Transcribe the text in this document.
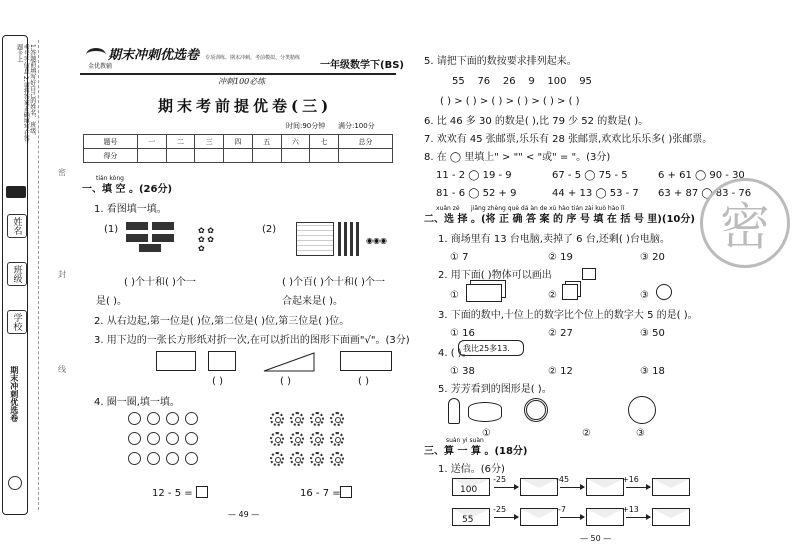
1.答题前填写好自己的姓名、班级、考号等信息 2.请将答案正确填写在答题卡上
姓名
班级
学校
期末冲刺优选卷
密
封
线
期末冲刺优选卷
金优教辅
专项训练、期末冲刺、考前模拟、分类精练
一年级数学下(BS)
冲刺100必练
期末考前提优卷(三)
时间:90分钟 满分:100分
题号	一	二	三	四	五	六	七	总分
得分								
tián kòng
一、填 空 。(26分)
1. 看图填一填。
(1)	✿ ✿
✿ ✿
✿
(2)
◉◉◉
( )个十和( )个一
是( )。
( )个百( )个十和( )个一
合起来是( )。
2. 从右边起,第一位是( )位,第二位是( )位,第三位是( )位。
3. 用下边的一张长方形纸对折一次,在可以折出的图形下面画"√"。(3分)
( )	( )	( )
4. 圈一圈,填一填。
12 - 5 =	16 - 7 =
— 49 —
5. 请把下面的数按要求排列起来。
55    76    26    9    100    95
( ) > ( ) > ( ) > ( ) > ( ) > ( )
6. 比 46 多 30 的数是( ),比 79 少 52 的数是( )。
7. 欢欢有 45 张邮票,乐乐有 28 张邮票,欢欢比乐乐多( )张邮票。
8. 在 ◯ 里填上" > "" < "或" = "。(3分)
11 - 2 ◯ 19 - 9	67 - 5 ◯ 75 - 5	6 + 61 ◯ 90 - 30
81 - 6 ◯ 52 + 9	44 + 13 ◯ 53 - 7 63 + 87 ◯ 83 - 76
xuǎn zé      jiāng zhèng què dá àn de xù hào tián zài kuò hào lǐ
二、选 择 。(将 正 确 答 案 的 序 号 填 在 括 号 里)(10分)
1. 商场里有 13 台电脑,卖掉了 6 台,还剩( )台电脑。
① 7	② 19	③ 20
2. 用下面( )物体可以画出
①	②	③
3. 下面的数中,十位上的数字比个位上的数字大 5 的是( )。
① 16	② 27	③ 50
4. ( )。
我比25多13.
① 38	② 12	③ 18
5. 芳芳看到的图形是( )。
①	②	③
suàn yi suàn
三、算 一 算 。(18分)
1. 送信。(6分)
100
-25	-45	+16
55
-25	-7	+13
— 50 —
密
